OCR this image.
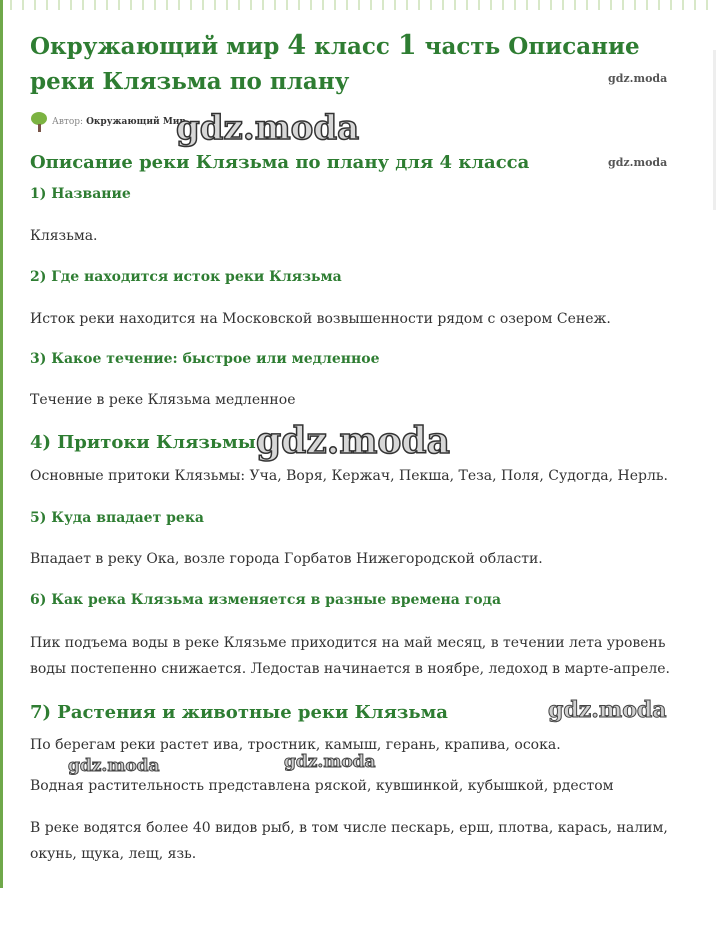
Окружающий мир 4 класс 1 часть Описание реки Клязьма по плану	gdz.moda
Автор: Окружающий Мир
gdz.moda
Описание реки Клязьма по плану для 4 класса	gdz.moda
1) Название

Клязьма.

2) Где находится исток реки Клязьма

Исток реки находится на Московской возвышенности рядом с озером Сенеж.

3) Какое течение: быстрое или медленное

Течение в реке Клязьма медленное

4) Притоки Клязьмы gdz.moda

Основные притоки Клязьмы: Уча, Воря, Кержач, Пекша, Теза, Поля, Судогда, Нерль.

5) Куда впадает река

Впадает в реку Ока, возле города Горбатов Нижегородской области.

6) Как река Клязьма изменяется в разные времена года

Пик подъема воды в реке Клязьме приходится на май месяц, в течении лета уровень воды постепенно снижается. Ледостав начинается в ноябре, ледоход в марте-апреле.

7) Растения и животные реки Клязьма	gdz.moda

По берегам реки растет ива, тростник, камыш, герань, крапива, осока.

gdz.moda	gdz.moda

Водная растительность представлена ряской, кувшинкой, кубышкой, рдестом

В реке водятся более 40 видов рыб, в том числе пескарь, ерш, плотва, карась, налим, окунь, щука, лещ, язь.
